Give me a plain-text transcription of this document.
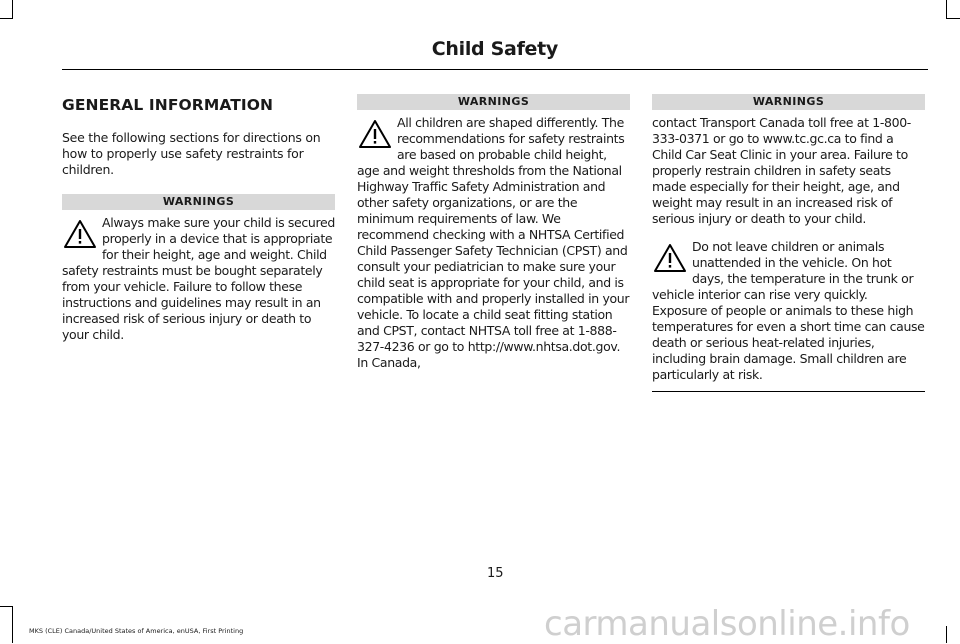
Child Safety
GENERAL INFORMATION

See the following sections for directions on how to properly use safety restraints for children.

WARNINGS

Always make sure your child is secured properly in a device that is appropriate for their height, age and weight. Child safety restraints must be bought separately from your vehicle. Failure to follow these instructions and guidelines may result in an increased risk of serious injury or death to your child.

WARNINGS

All children are shaped differently. The recommendations for safety restraints are based on probable child height, age and weight thresholds from the National Highway Traffic Safety Administration and other safety organizations, or are the minimum requirements of law. We recommend checking with a NHTSA Certified Child Passenger Safety Technician (CPST) and consult your pediatrician to make sure your child seat is appropriate for your child, and is compatible with and properly installed in your vehicle. To locate a child seat fitting station and CPST, contact NHTSA toll free at 1-888-327-4236 or go to http://www.nhtsa.dot.gov. In Canada,

WARNINGS

contact Transport Canada toll free at 1-800-333-0371 or go to www.tc.gc.ca to find a Child Car Seat Clinic in your area. Failure to properly restrain children in safety seats made especially for their height, age, and weight may result in an increased risk of serious injury or death to your child.

Do not leave children or animals unattended in the vehicle. On hot days, the temperature in the trunk or vehicle interior can rise very quickly. Exposure of people or animals to these high temperatures for even a short time can cause death or serious heat-related injuries, including brain damage. Small children are particularly at risk.

15
MKS (CLE) Canada/United States of America, enUSA, First Printing	carmanualsonline.info
